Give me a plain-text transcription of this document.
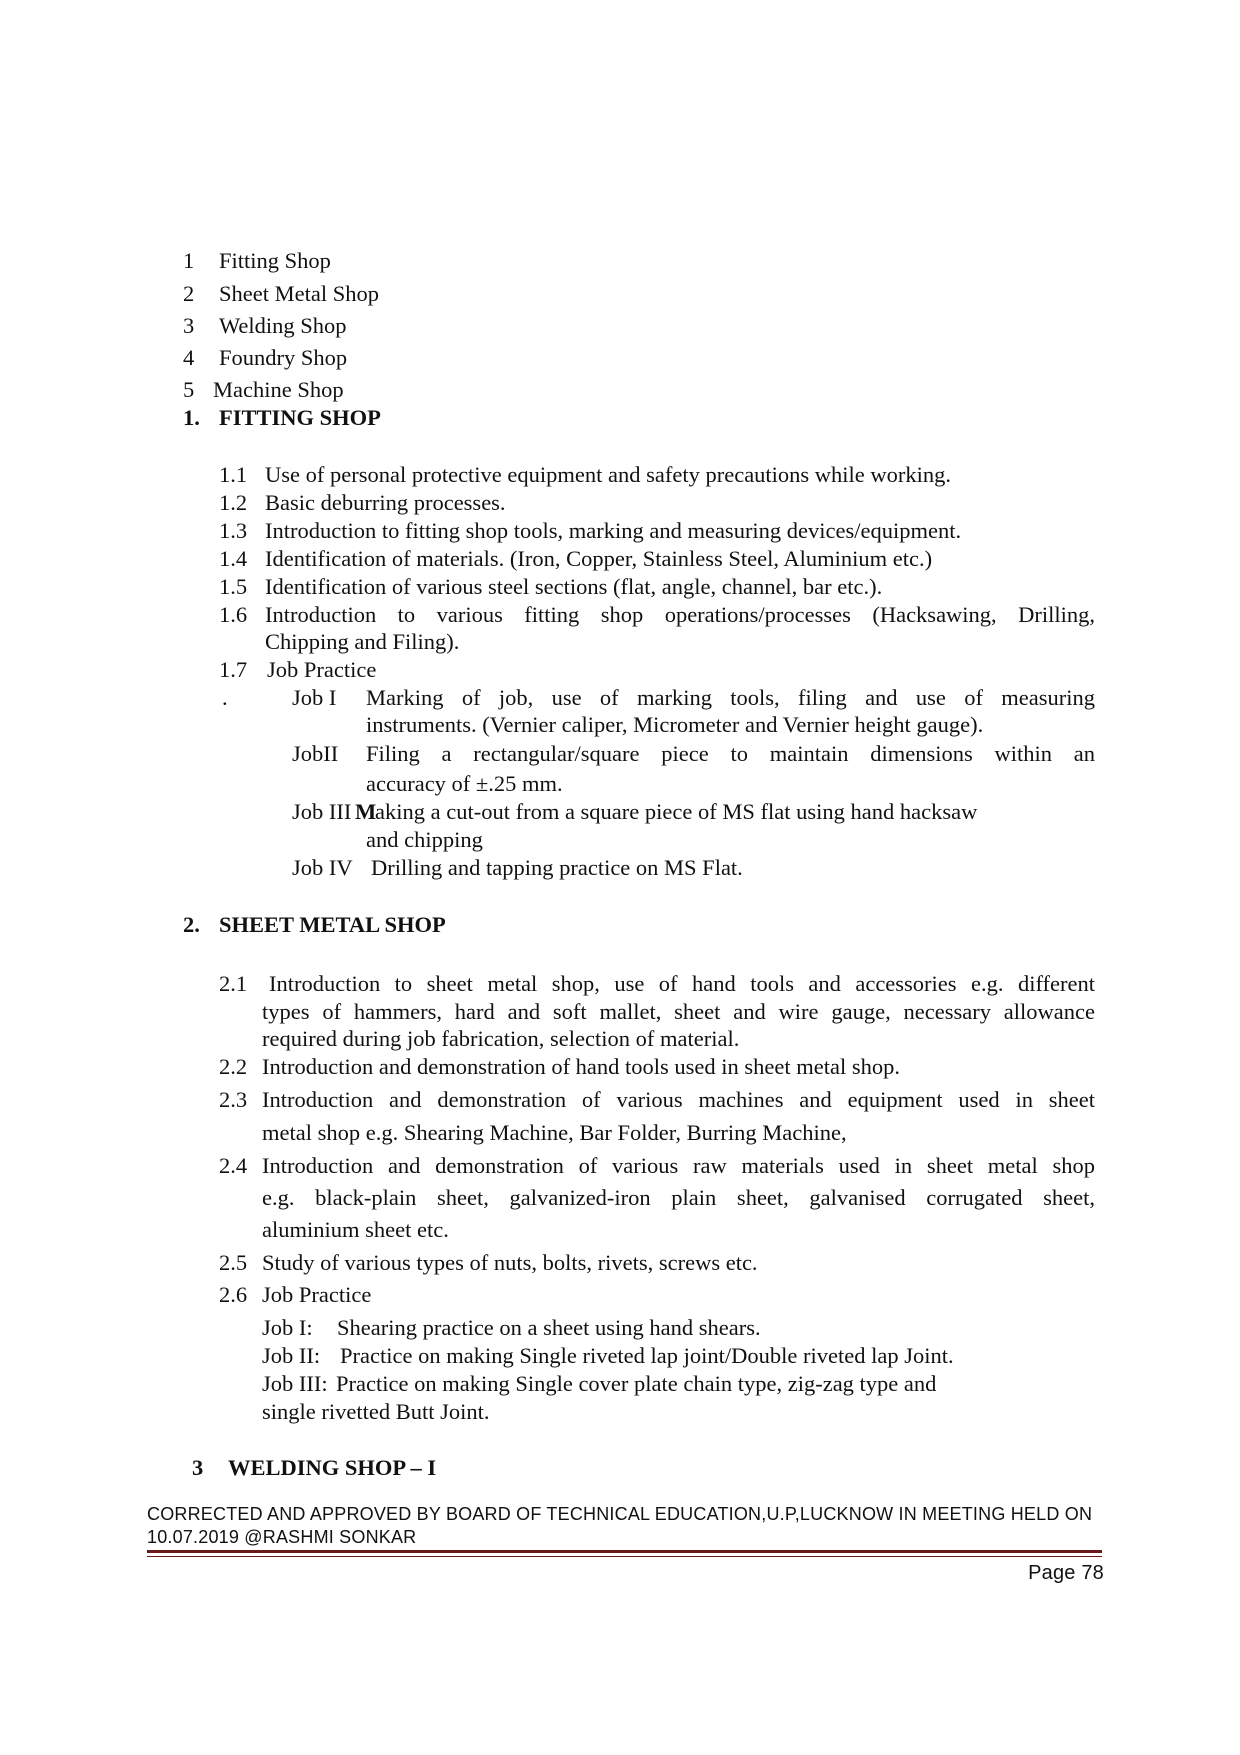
1 Fitting Shop
2 Sheet Metal Shop
3 Welding Shop
4 Foundry Shop
5 Machine Shop
1. FITTING SHOP
1.1 Use of personal protective equipment and safety precautions while working.
1.2 Basic deburring processes.
1.3 Introduction to fitting shop tools, marking and measuring devices/equipment.
1.4 Identification of materials. (Iron, Copper, Stainless Steel, Aluminium etc.)
1.5 Identification of various steel sections (flat, angle, channel, bar etc.).
1.6 Introduction to various fitting shop operations/processes (Hacksawing, Drilling,
Chipping and Filing).
1.7 Job Practice
.	Job I Marking of job, use of marking tools, filing and use of measuring
instruments. (Vernier caliper, Micrometer and Vernier height gauge).
JobII Filing a rectangular/square piece to maintain dimensions within an
accuracy of ±.25 mm.
Job III M
aking a cut-out from a square piece of MS flat using hand hacksaw
and chipping
Job IV Drilling and tapping practice on MS Flat.
2. SHEET METAL SHOP
2.1 Introduction to sheet metal shop, use of hand tools and accessories e.g. different
types of hammers, hard and soft mallet, sheet and wire gauge, necessary allowance
required during job fabrication, selection of material.
2.2 Introduction and demonstration of hand tools used in sheet metal shop.
2.3 Introduction and demonstration of various machines and equipment used in sheet
metal shop e.g. Shearing Machine, Bar Folder, Burring Machine,
2.4 Introduction and demonstration of various raw materials used in sheet metal shop
e.g. black-plain sheet, galvanized-iron plain sheet, galvanised corrugated sheet,
aluminium sheet etc.
2.5 Study of various types of nuts, bolts, rivets, screws etc.
2.6 Job Practice
Job I: Shearing practice on a sheet using hand shears.
Job II: Practice on making Single riveted lap joint/Double riveted lap Joint.
Job III: Practice on making Single cover plate chain type, zig-zag type and
single rivetted Butt Joint.
3 WELDING SHOP – I
CORRECTED AND APPROVED BY BOARD OF TECHNICAL EDUCATION,U.P,LUCKNOW IN MEETING HELD ON
10.07.2019 @RASHMI SONKAR
Page 78
